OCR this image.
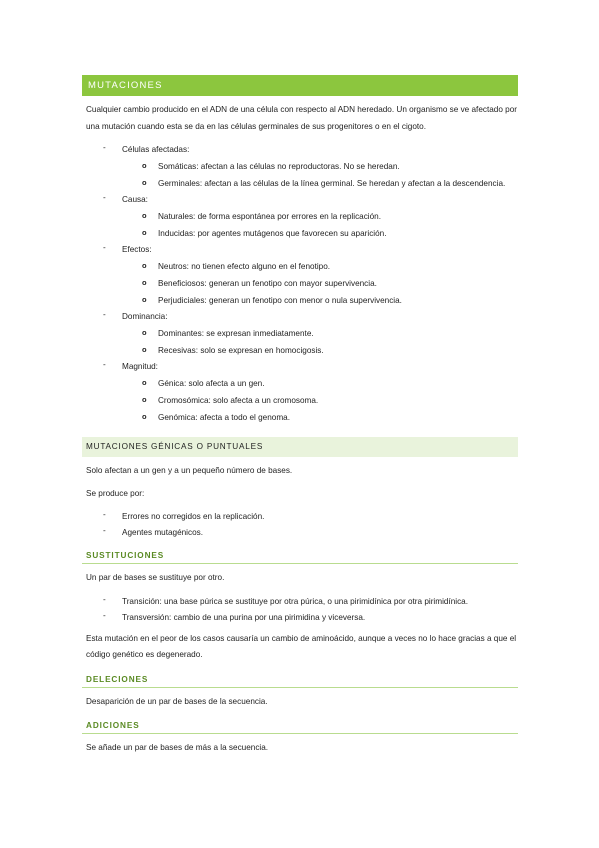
MUTACIONES

Cualquier cambio producido en el ADN de una célula con respecto al ADN heredado. Un organismo se ve afectado por una mutación cuando esta se da en las células germinales de sus progenitores o en el cigoto.

- Células afectadas:
o Somáticas: afectan a las células no reproductoras. No se heredan.
o Germinales: afectan a las células de la línea germinal. Se heredan y afectan a la descendencia.
- Causa:
o Naturales: de forma espontánea por errores en la replicación.
o Inducidas: por agentes mutágenos que favorecen su aparición.
- Efectos:
o Neutros: no tienen efecto alguno en el fenotipo.
o Beneficiosos: generan un fenotipo con mayor supervivencia.
o Perjudiciales: generan un fenotipo con menor o nula supervivencia.
- Dominancia:
o Dominantes: se expresan inmediatamente.
o Recesivas: solo se expresan en homocigosis.
- Magnitud:
o Génica: solo afecta a un gen.
o Cromosómica: solo afecta a un cromosoma.
o Genómica: afecta a todo el genoma.
MUTACIONES GÉNICAS O PUNTUALES

Solo afectan a un gen y a un pequeño número de bases.

Se produce por:

- Errores no corregidos en la replicación.
- Agentes mutagénicos.
SUSTITUCIONES

Un par de bases se sustituye por otro.

- Transición: una base púrica se sustituye por otra púrica, o una pirimidínica por otra pirimidínica.
- Transversión: cambio de una purina por una pirimidina y viceversa.

Esta mutación en el peor de los casos causaría un cambio de aminoácido, aunque a veces no lo hace gracias a que el código genético es degenerado.

DELECIONES

Desaparición de un par de bases de la secuencia.

ADICIONES

Se añade un par de bases de más a la secuencia.
